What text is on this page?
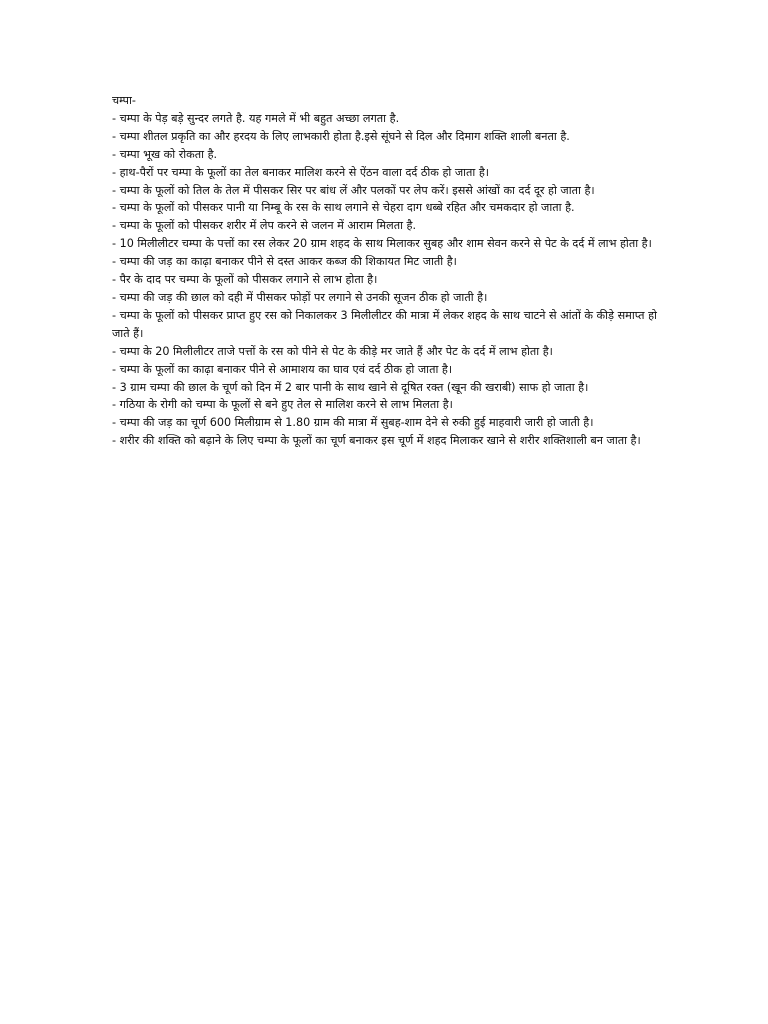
चम्पा-

- चम्पा के पेड़ बड़े सुन्दर लगते है. यह गमले में भी बहुत अच्छा लगता है.

- चम्पा शीतल प्रकृति का और हरदय के लिए लाभकारी होता है.इसे सूंघने से दिल और दिमाग शक्ति शाली बनता है.

- चम्पा भूख को रोकता है.

- हाथ-पैरों पर चम्पा के फूलों का तेल बनाकर मालिश करने से ऐंठन वाला दर्द ठीक हो जाता है।

- चम्पा के फूलों को तिल के तेल में पीसकर सिर पर बांध लें और पलकों पर लेप करें। इससे आंखों का दर्द दूर हो जाता है।

- चम्पा के फूलों को पीसकर पानी या निम्बू के रस के साथ लगाने से चेहरा दाग धब्बे रहित और चमकदार हो जाता है.

- चम्पा के फूलों को पीसकर शरीर में लेप करने से जलन में आराम मिलता है.

- 10 मिलीलीटर चम्पा के पत्तों का रस लेकर 20 ग्राम शहद के साथ मिलाकर सुबह और शाम सेवन करने से पेट के दर्द में लाभ होता है।

- चम्पा की जड़ का काढ़ा बनाकर पीने से दस्त आकर कब्ज की शिकायत मिट जाती है।

- पैर के दाद पर चम्पा के फूलों को पीसकर लगाने से लाभ होता है।

- चम्पा की जड़ की छाल को दही में पीसकर फोड़ों पर लगाने से उनकी सूजन ठीक हो जाती है।

- चम्पा के फूलों को पीसकर प्राप्त हुए रस को निकालकर 3 मिलीलीटर की मात्रा में लेकर शहद के साथ चाटने से आंतों के कीड़े समाप्त हो जाते हैं।

- चम्पा के 20 मिलीलीटर ताजे पत्तों के रस को पीने से पेट के कीड़े मर जाते हैं और पेट के दर्द में लाभ होता है।

- चम्पा के फूलों का काढ़ा बनाकर पीने से आमाशय का घाव एवं दर्द ठीक हो जाता है।

- 3 ग्राम चम्पा की छाल के चूर्ण को दिन में 2 बार पानी के साथ खाने से दूषित रक्त (खून की खराबी) साफ हो जाता है।

- गठिया के रोगी को चम्पा के फूलों से बने हुए तेल से मालिश करने से लाभ मिलता है।

- चम्पा की जड़ का चूर्ण 600 मिलीग्राम से 1.80 ग्राम की मात्रा में सुबह-शाम देने से रुकी हुई माहवारी जारी हो जाती है।

- शरीर की शक्ति को बढ़ाने के लिए चम्पा के फूलों का चूर्ण बनाकर इस चूर्ण में शहद मिलाकर खाने से शरीर शक्तिशाली बन जाता है।
